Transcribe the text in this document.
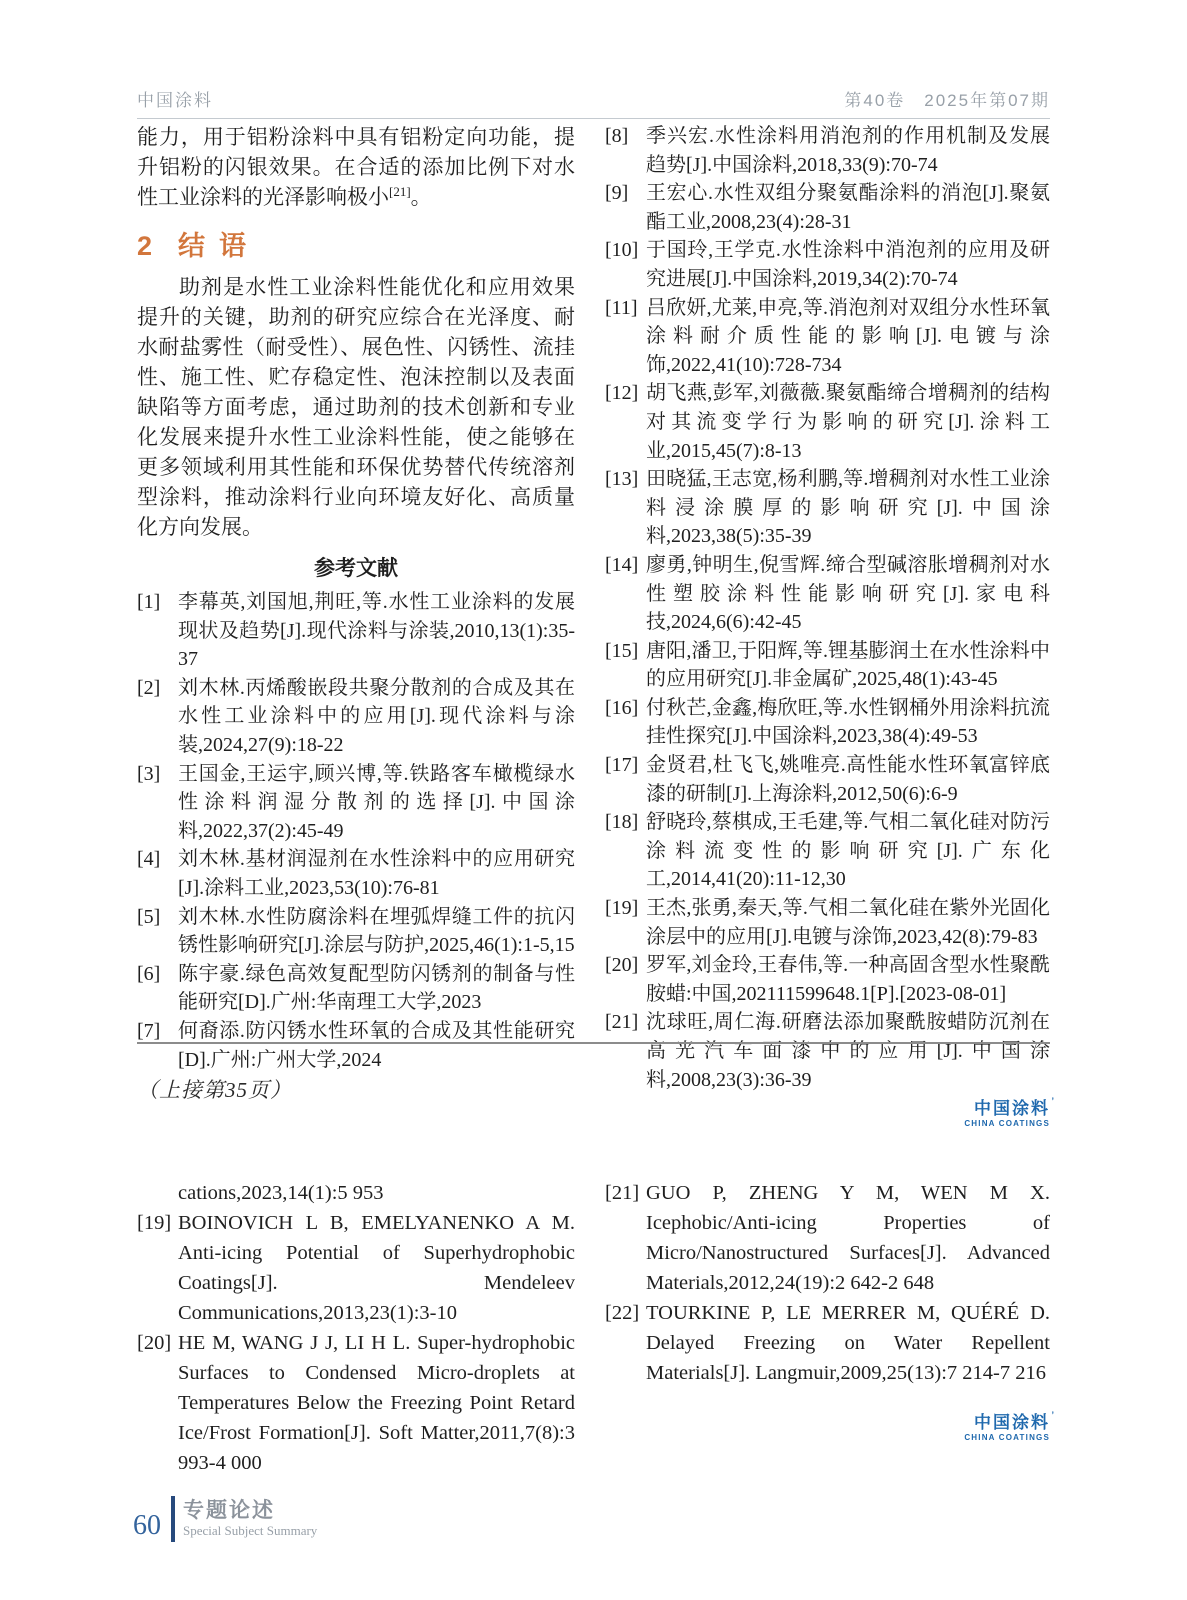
中国涂料	第40卷　2025年第07期

能力，用于铝粉涂料中具有铝粉定向功能，提升铝粉的闪银效果。在合适的添加比例下对水性工业涂料的光泽影响极小[21]。

2 结语

助剂是水性工业涂料性能优化和应用效果提升的关键，助剂的研究应综合在光泽度、耐水耐盐雾性（耐受性）、展色性、闪锈性、流挂性、施工性、贮存稳定性、泡沫控制以及表面缺陷等方面考虑，通过助剂的技术创新和专业化发展来提升水性工业涂料性能，使之能够在更多领域利用其性能和环保优势替代传统溶剂型涂料，推动涂料行业向环境友好化、高质量化方向发展。

参考文献
[1] 李幕英,刘国旭,荆旺,等.水性工业涂料的发展现状及趋势[J].现代涂料与涂装,2010,13(1):35-37
[2] 刘木林.丙烯酸嵌段共聚分散剂的合成及其在水性工业涂料中的应用[J].现代涂料与涂装,2024,27(9):18-22
[3] 王国金,王运宇,顾兴博,等.铁路客车橄榄绿水性涂料润湿分散剂的选择[J].中国涂料,2022,37(2):45-49
[4] 刘木林.基材润湿剂在水性涂料中的应用研究[J].涂料工业,2023,53(10):76-81
[5] 刘木林.水性防腐涂料在埋弧焊缝工件的抗闪锈性影响研究[J].涂层与防护,2025,46(1):1-5,15
[6] 陈宇豪.绿色高效复配型防闪锈剂的制备与性能研究[D].广州:华南理工大学,2023
[7] 何裔添.防闪锈水性环氧的合成及其性能研究[D].广州:广州大学,2024
[8] 季兴宏.水性涂料用消泡剂的作用机制及发展趋势[J].中国涂料,2018,33(9):70-74
[9] 王宏心.水性双组分聚氨酯涂料的消泡[J].聚氨酯工业,2008,23(4):28-31
[10] 于国玲,王学克.水性涂料中消泡剂的应用及研究进展[J].中国涂料,2019,34(2):70-74
[11] 吕欣妍,尤莱,申亮,等.消泡剂对双组分水性环氧涂料耐介质性能的影响[J].电镀与涂饰,2022,41(10):728-734
[12] 胡飞燕,彭军,刘薇薇.聚氨酯缔合增稠剂的结构对其流变学行为影响的研究[J].涂料工业,2015,45(7):8-13
[13] 田晓猛,王志宽,杨利鹏,等.增稠剂对水性工业涂料浸涂膜厚的影响研究[J].中国涂料,2023,38(5):35-39
[14] 廖勇,钟明生,倪雪辉.缔合型碱溶胀增稠剂对水性塑胶涂料性能影响研究[J].家电科技,2024,6(6):42-45
[15] 唐阳,潘卫,于阳辉,等.锂基膨润土在水性涂料中的应用研究[J].非金属矿,2025,48(1):43-45
[16] 付秋芒,金鑫,梅欣旺,等.水性钢桶外用涂料抗流挂性探究[J].中国涂料,2023,38(4):49-53
[17] 金贤君,杜飞飞,姚唯亮.高性能水性环氧富锌底漆的研制[J].上海涂料,2012,50(6):6-9
[18] 舒晓玲,蔡棋成,王毛建,等.气相二氧化硅对防污涂料流变性的影响研究[J].广东化工,2014,41(20):11-12,30
[19] 王杰,张勇,秦天,等.气相二氧化硅在紫外光固化涂层中的应用[J].电镀与涂饰,2023,42(8):79-83
[20] 罗军,刘金玲,王春伟,等.一种高固含型水性聚酰胺蜡:中国,202111599648.1[P].[2023-08-01]
[21] 沈球旺,周仁海.研磨法添加聚酰胺蜡防沉剂在高光汽车面漆中的应用[J].中国涂料,2008,23(3):36-39
中国涂料 ’
CHINA COATINGS
（上接第35页）
cations,2023,14(1):5 953
[19] BOINOVICH L B, EMELYANENKO A M. Anti-icing Potential of Superhydrophobic Coatings[J]. Mendeleev Communications,2013,23(1):3-10
[20] HE M, WANG J J, LI H L. Super-hydrophobic Surfaces to Condensed Micro-droplets at Temperatures Below the Freezing Point Retard Ice/Frost Formation[J]. Soft Matter,2011,7(8):3 993-4 000
[21] GUO P, ZHENG Y M, WEN M X. Icephobic/Anti-icing Properties of Micro/Nanostructured Surfaces[J]. Advanced Materials,2012,24(19):2 642-2 648
[22] TOURKINE P, LE MERRER M, QUÉRÉ D. Delayed Freezing on Water Repellent Materials[J]. Langmuir,2009,25(13):7 214-7 216
中国涂料 ’
CHINA COATINGS
60 专题论述
Special Subject Summary
